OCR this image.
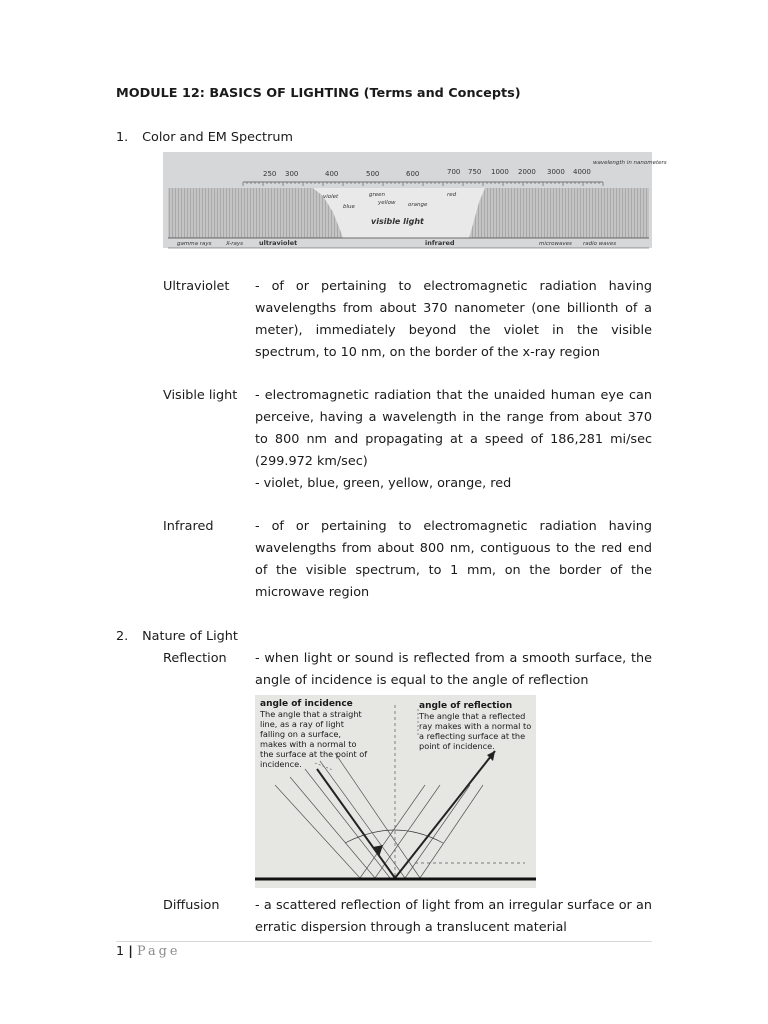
MODULE 12: BASICS OF LIGHTING (Terms and Concepts)
1. Color and EM Spectrum
250 300	400	500	600	700 750 1000 2000 3000 4000
wavelength in nanometers
violet
blue
green
yellow orange
red
visible light
gamma rays	X-rays ultraviolet	infrared	microwaves radio waves
Ultraviolet - of or pertaining to electromagnetic radiation having wavelengths from about 370 nanometer (one billionth of a meter), immediately beyond the violet in the visible spectrum, to 10 nm, on the border of the x-ray region

Visible light - electromagnetic radiation that the unaided human eye can perceive, having a wavelength in the range from about 370 to 800 nm and propagating at a speed of 186,281 mi/sec (299.972 km/sec)

- violet, blue, green, yellow, orange, red

Infrared	- of or pertaining to electromagnetic radiation having wavelengths from about 800 nm, contiguous to the red end of the visible spectrum, to 1 mm, on the border of the microwave region

2. Nature of Light
Reflection - when light or sound is reflected from a smooth surface, the angle of incidence is equal to the angle of reflection

angle of incidence
The angle that a straight line, as a ray of light falling on a surface, makes with a normal to the surface at the point of incidence.
angle of reflection
The angle that a reflected ray makes with a normal to a reflecting surface at the point of incidence.
Diffusion	- a scattered reflection of light from an irregular surface or an erratic dispersion through a translucent material

1 | Page
